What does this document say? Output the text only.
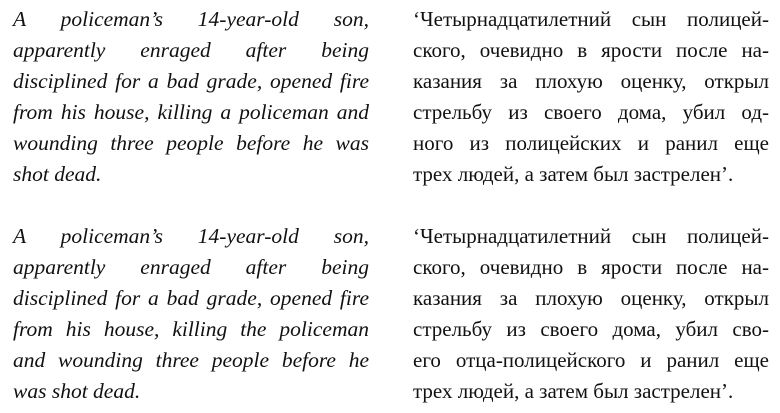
A policeman’s 14-year-old son,
apparently enraged after being
disciplined for a bad grade, opened fire
from his house, killing a policeman and
wounding three people before he was
shot dead.
‘Четырнадцатилетний сын полицей-
ского, очевидно в ярости после на-
казания за плохую оценку, открыл
стрельбу из своего дома, убил од-
ного из полицейских и ранил еще
трех людей, а затем был застрелен’.
A policeman’s 14-year-old son,
apparently enraged after being
disciplined for a bad grade, opened fire
from his house, killing the policeman
and wounding three people before he
was shot dead.
‘Четырнадцатилетний сын полицей-
ского, очевидно в ярости после на-
казания за плохую оценку, открыл
стрельбу из своего дома, убил сво-
его отца-полицейского и ранил еще
трех людей, а затем был застрелен’.
